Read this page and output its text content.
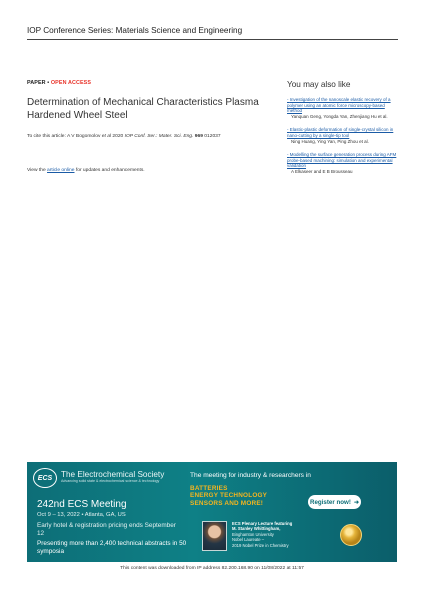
IOP Conference Series: Materials Science and Engineering
PAPER • OPEN ACCESS
Determination of Mechanical Characteristics Plasma Hardened Wheel Steel
To cite this article: A V Bogomolov et al 2020 IOP Conf. Ser.: Mater. Sci. Eng. 969 012037
View the article online for updates and enhancements.
You may also like
- Investigation of the nanoscale elastic recovery of a polymer using an atomic force microscopy-based method
Yanquan Geng, Yongda Yan, Zhenjiang Hu et al.
- Elastic-plastic deformation of single-crystal silicon in nano-cutting by a single-tip tool
Ning Huang, Ying Yan, Ping Zhou et al.
- Modelling the surface generation process during AFM probe-based machining: simulation and experimental validation
A Elkaseer and E B Brousseau
ECS	The Electrochemical Society
Advancing solid state & electrochemical science & technology
242nd ECS Meeting
Oct 9 – 13, 2022 • Atlanta, GA, US
Early hotel & registration pricing ends September 12
Presenting more than 2,400 technical abstracts in 50 symposia
The meeting for industry & researchers in
BATTERIES
ENERGY TECHNOLOGY
SENSORS AND MORE!	Register now! ➜
ECS Plenary Lecture featuring
M. Stanley Whittingham,
Binghamton University
Nobel Laureate –
2019 Nobel Prize in Chemistry
This content was downloaded from IP address 82.200.168.90 on 11/08/2022 at 11:57
